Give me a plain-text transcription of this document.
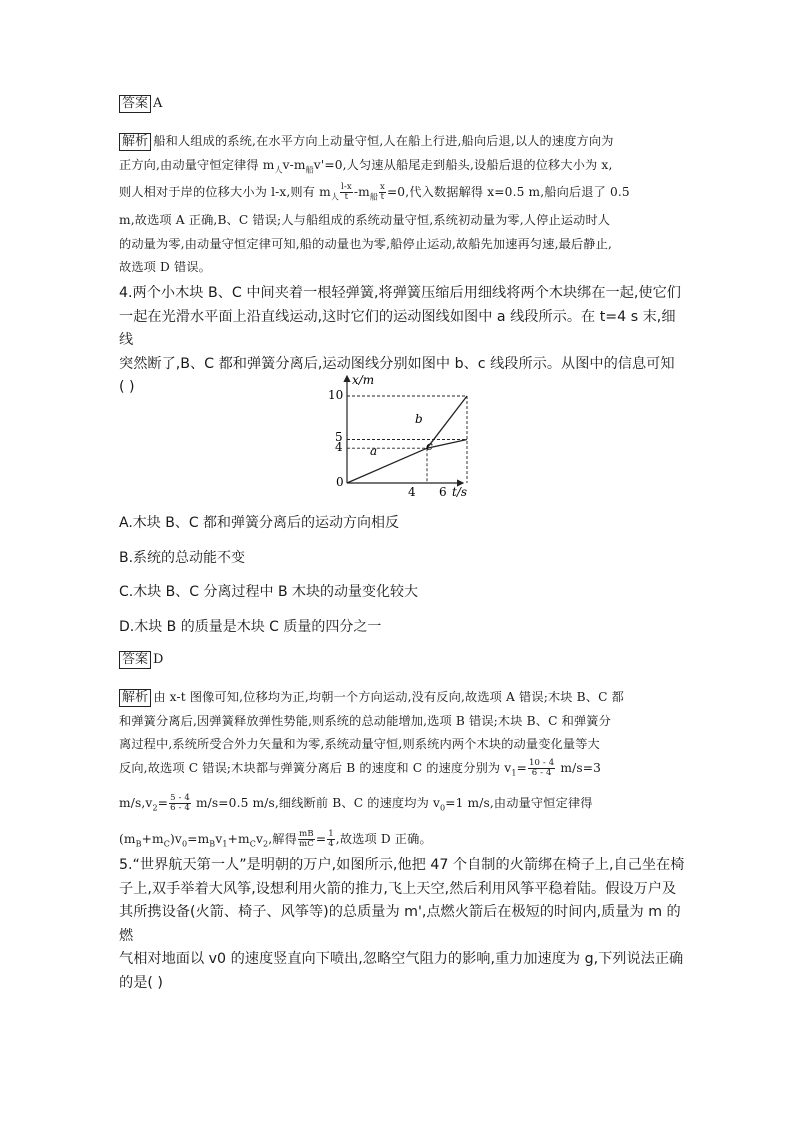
答案 A
解析 船和人组成的系统,在水平方向上动量守恒,人在船上行进,船向后退,以人的速度方向为
正方向,由动量守恒定律得 $m_人v-m_船v'=0$,人匀速从船尾走到船头,设船后退的位移大小为 x,
则人相对于岸的位移大小为 l-x,则有 $m_人 \frac{l-x}{t} -m_船 \frac{x}{t} =0$,代入数据解得 x=0.5 m,船向后退了 0.5
m,故选项 A 正确,B、C 错误;人与船组成的系统动量守恒,系统初动量为零,人停止运动时人
的动量为零,由动量守恒定律可知,船的动量也为零,船停止运动,故船先加速再匀速,最后静止,
故选项 D 错误。
4.两个小木块 B、C 中间夹着一根轻弹簧,将弹簧压缩后用细线将两个木块绑在一起,使它们
一起在光滑水平面上沿直线运动,这时它们的运动图线如图中 a 线段所示。在 t=4 s 末,细线
突然断了,B、C 都和弹簧分离后,运动图线分别如图中 b、c 线段所示。从图中的信息可知
( )	x/m
t/s
0
10
5
4
4 6
a
b
c
A.木块 B、C 都和弹簧分离后的运动方向相反
B.系统的总动能不变
C.木块 B、C 分离过程中 B 木块的动量变化较大
D.木块 B 的质量是木块 C 质量的四分之一
答案 D
解析 由 x-t 图像可知,位移均为正,均朝一个方向运动,没有反向,故选项 A 错误;木块 B、C 都
和弹簧分离后,因弹簧释放弹性势能,则系统的总动能增加,选项 B 错误;木块 B、C 和弹簧分
离过程中,系统所受合外力矢量和为零,系统动量守恒,则系统内两个木块的动量变化量等大
反向,故选项 C 错误;木块都与弹簧分离后 B 的速度和 C 的速度分别为 $v_1= \frac{10 - 4}{6 - 4} m/s=3$
$m/s,v_2= \frac{5 - 4}{6 - 4} m/s=0.5$ m/s,细线断前 B、C 的速度均为 $v_0=1$ m/s,由动量守恒定律得
$(m_B+m_C)v_0=m_Bv_1+m_Cv_2$,解得 $\frac{mB}{mC} = \frac{1}{4}$ ,故选项 D 正确。
5.“世界航天第一人”是明朝的万户,如图所示,他把 47 个自制的火箭绑在椅子上,自己坐在椅
子上,双手举着大风筝,设想利用火箭的推力,飞上天空,然后利用风筝平稳着陆。假设万户及
其所携设备(火箭、椅子、风筝等)的总质量为 m',点燃火箭后在极短的时间内,质量为 m 的燃
气相对地面以 v0 的速度竖直向下喷出,忽略空气阻力的影响,重力加速度为 g,下列说法正确
的是( )
